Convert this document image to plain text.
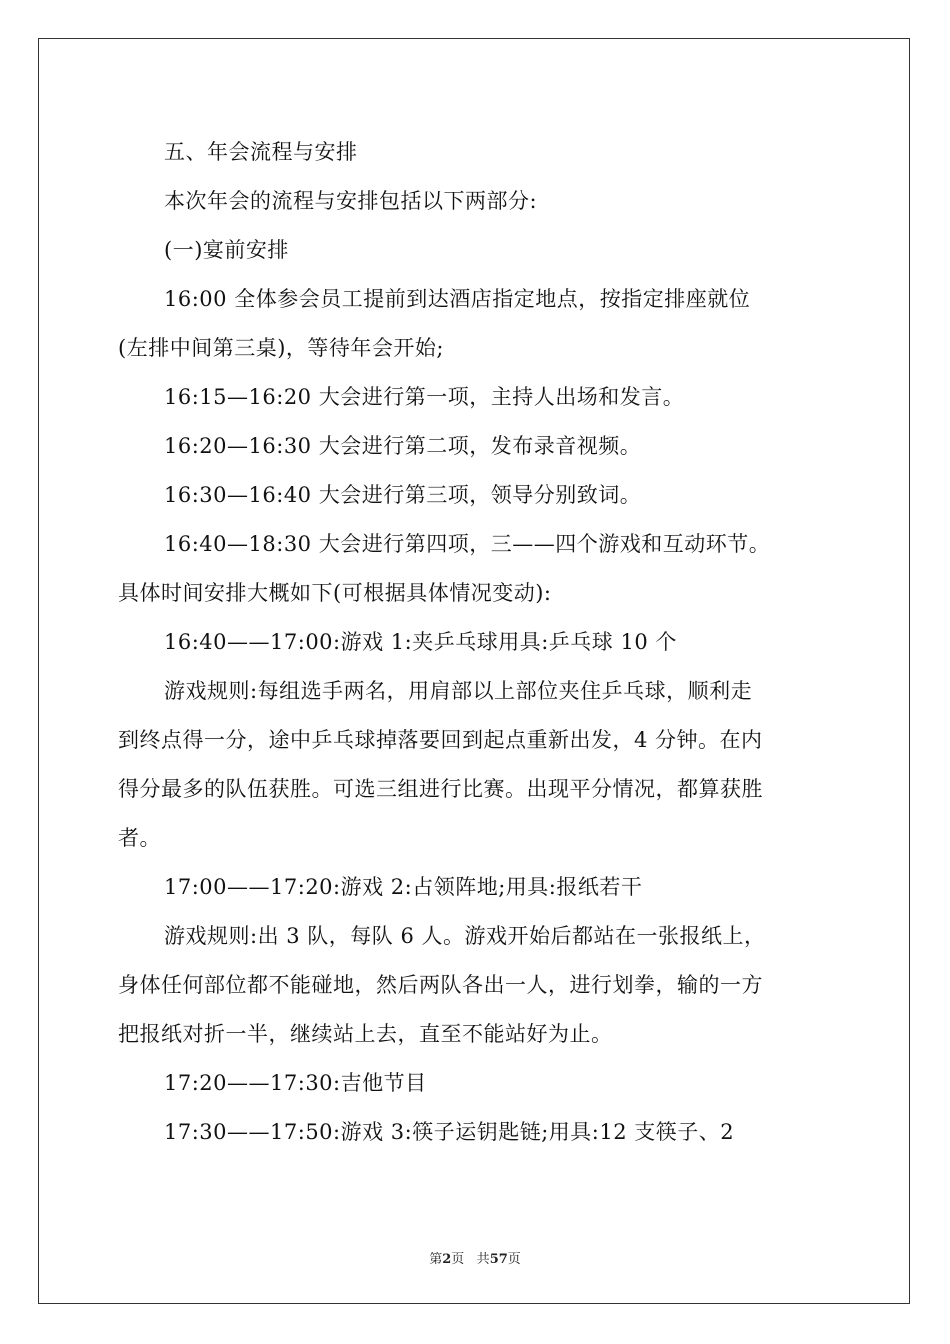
五、年会流程与安排
本次年会的流程与安排包括以下两部分:
(一)宴前安排
16:00 全体参会员工提前到达酒店指定地点，按指定排座就位
(左排中间第三桌)，等待年会开始;
16:15—16:20 大会进行第一项，主持人出场和发言。
16:20—16:30 大会进行第二项，发布录音视频。
16:30—16:40 大会进行第三项，领导分别致词。
16:40—18:30 大会进行第四项，三——四个游戏和互动环节。
具体时间安排大概如下(可根据具体情况变动):
16:40——17:00:游戏 1:夹乒乓球用具:乒乓球 10 个
游戏规则:每组选手两名，用肩部以上部位夹住乒乓球，顺利走
到终点得一分，途中乒乓球掉落要回到起点重新出发，4 分钟。在内
得分最多的队伍获胜。可选三组进行比赛。出现平分情况，都算获胜
者。
17:00——17:20:游戏 2:占领阵地;用具:报纸若干
游戏规则:出 3 队，每队 6 人。游戏开始后都站在一张报纸上，
身体任何部位都不能碰地，然后两队各出一人，进行划拳，输的一方
把报纸对折一半，继续站上去，直至不能站好为止。
17:20——17:30:吉他节目
17:30——17:50:游戏 3:筷子运钥匙链;用具:12 支筷子、2
第2页 共57页
